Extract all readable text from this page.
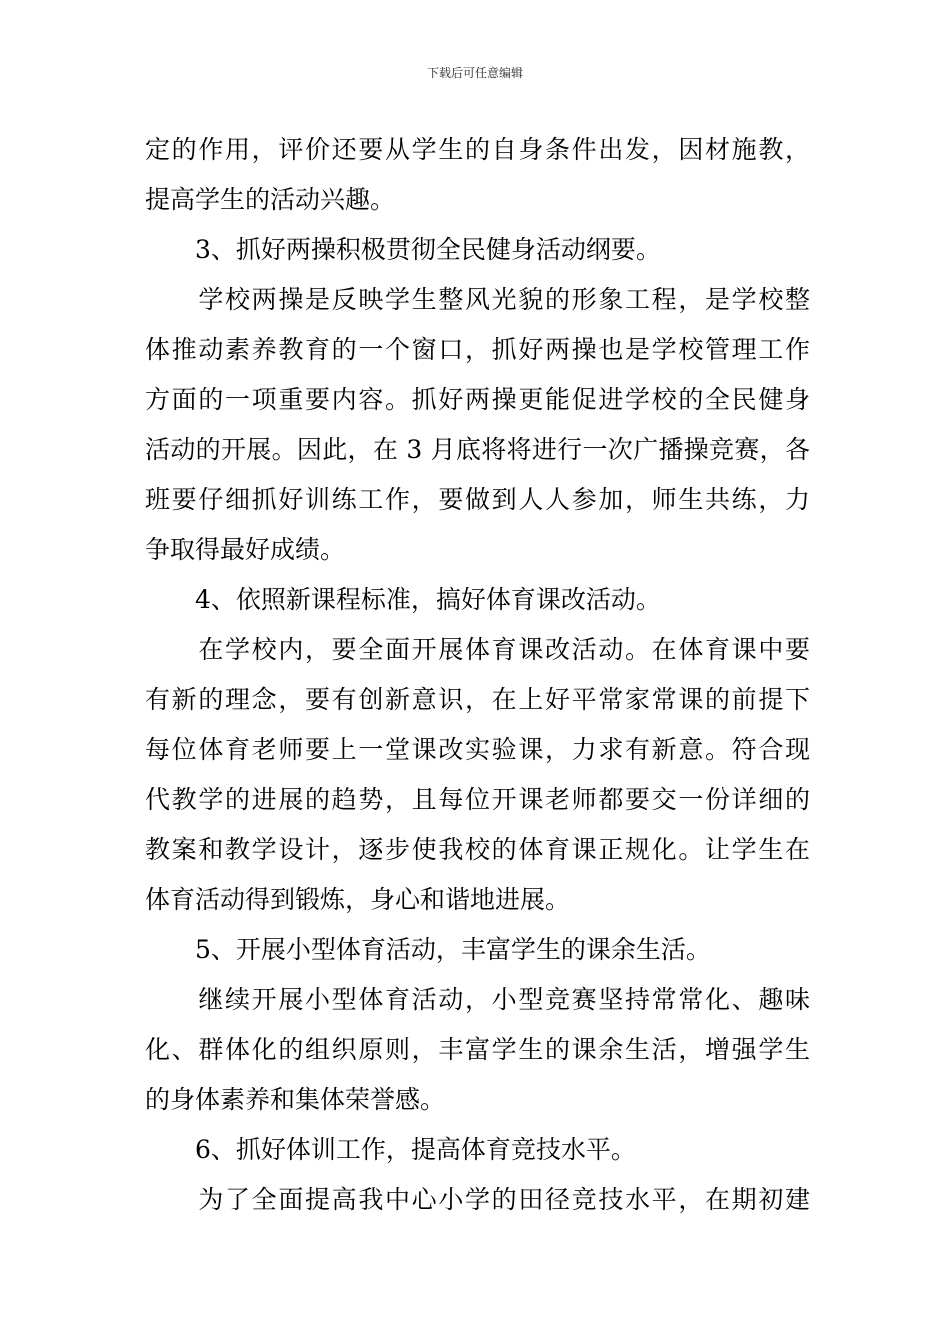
下载后可任意编辑
定的作用，评价还要从学生的自身条件出发，因材施教，
提高学生的活动兴趣。
　　3、抓好两操积极贯彻全民健身活动纲要。
　　学校两操是反映学生整风光貌的形象工程，是学校整
体推动素养教育的一个窗口，抓好两操也是学校管理工作
方面的一项重要内容。抓好两操更能促进学校的全民健身
活动的开展。因此，在 3 月底将将进行一次广播操竞赛，各
班要仔细抓好训练工作，要做到人人参加，师生共练，力
争取得最好成绩。
　　4、依照新课程标准，搞好体育课改活动。
　　在学校内，要全面开展体育课改活动。在体育课中要
有新的理念，要有创新意识，在上好平常家常课的前提下
每位体育老师要上一堂课改实验课，力求有新意。符合现
代教学的进展的趋势，且每位开课老师都要交一份详细的
教案和教学设计，逐步使我校的体育课正规化。让学生在
体育活动得到锻炼，身心和谐地进展。
　　5、开展小型体育活动，丰富学生的课余生活。
　　继续开展小型体育活动，小型竞赛坚持常常化、趣味
化、群体化的组织原则，丰富学生的课余生活，增强学生
的身体素养和集体荣誉感。
　　6、抓好体训工作，提高体育竞技水平。
　　为了全面提高我中心小学的田径竞技水平，在期初建
